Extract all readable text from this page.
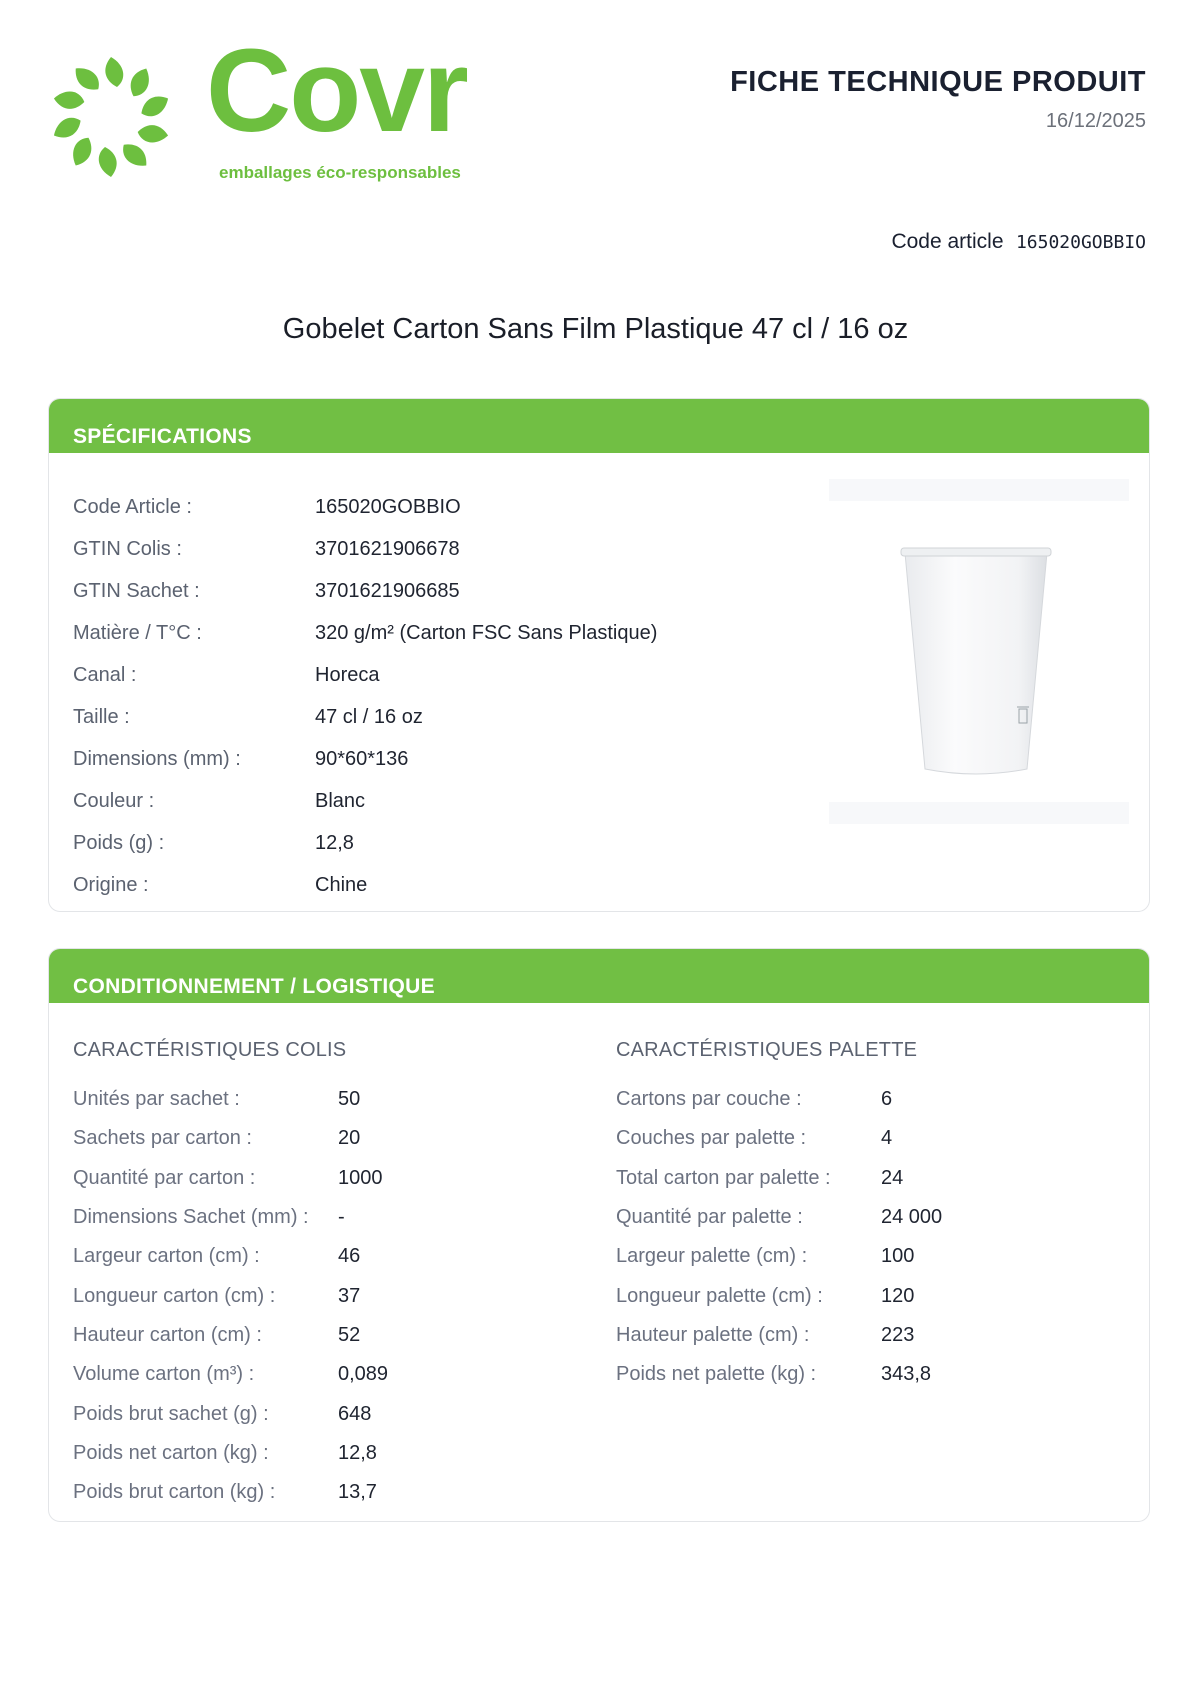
Covr
emballages éco-responsables
FICHE TECHNIQUE PRODUIT
16/12/2025
Code article 165020GOBBIO
Gobelet Carton Sans Film Plastique 47 cl / 16 oz
SPÉCIFICATIONS
Code Article :	165020GOBBIO
GTIN Colis :	3701621906678
GTIN Sachet :	3701621906685
Matière / T°C :	320 g/m² (Carton FSC Sans Plastique)
Canal :	Horeca
Taille :	47 cl / 16 oz
Dimensions (mm) :	90*60*136
Couleur :	Blanc
Poids (g) :	12,8
Origine :	Chine
CONDITIONNEMENT / LOGISTIQUE
CARACTÉRISTIQUES COLIS
Unités par sachet :	50
Sachets par carton :	20
Quantité par carton :	1000
Dimensions Sachet (mm) :	-
Largeur carton (cm) :	46
Longueur carton (cm) :	37
Hauteur carton (cm) :	52
Volume carton (m³) :	0,089
Poids brut sachet (g) :	648
Poids net carton (kg) :	12,8
Poids brut carton (kg) :	13,7
CARACTÉRISTIQUES PALETTE
Cartons par couche :	6
Couches par palette :	4
Total carton par palette :	24
Quantité par palette :	24 000
Largeur palette (cm) :	100
Longueur palette (cm) :	120
Hauteur palette (cm) :	223
Poids net palette (kg) :	343,8
